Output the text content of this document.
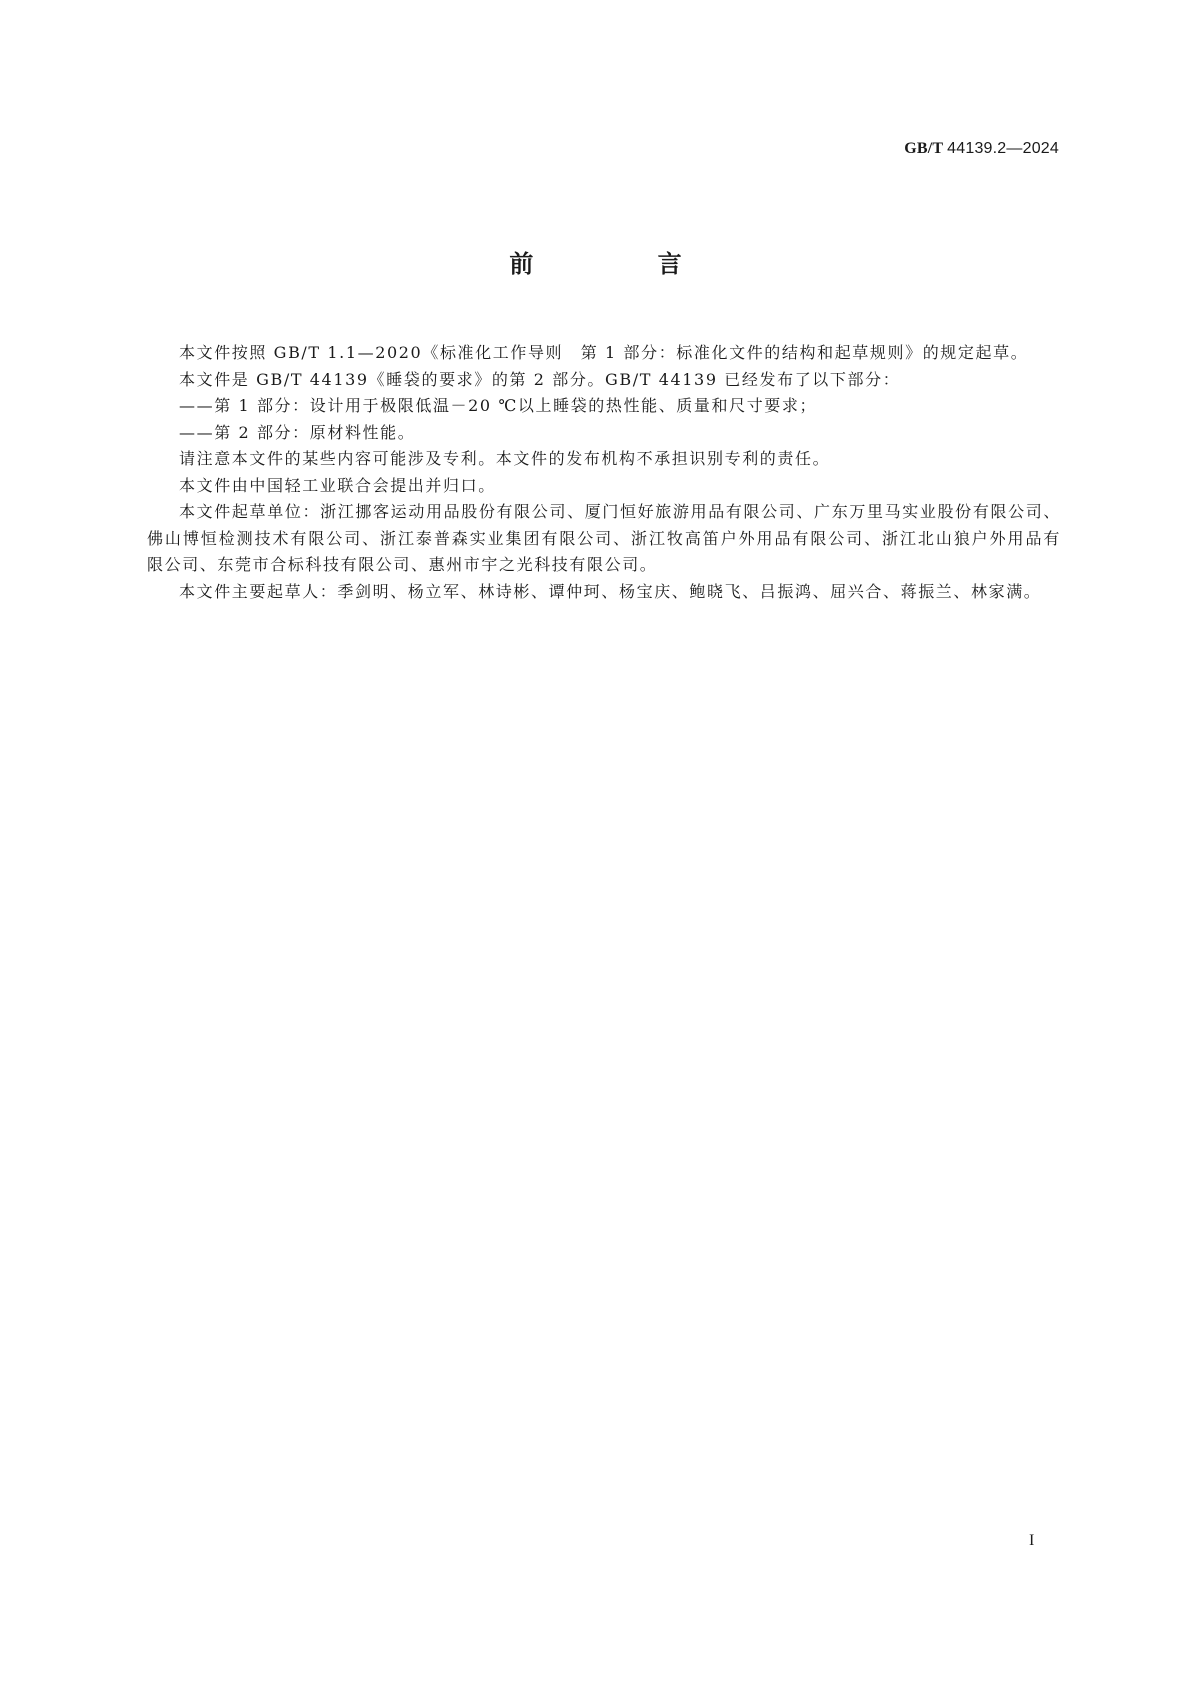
GB/T 44139.2—2024
前 言

本文件按照 GB/T 1.1—2020《标准化工作导则　第 1 部分：标准化文件的结构和起草规则》的规定起草。

本文件是 GB/T 44139《睡袋的要求》的第 2 部分。GB/T 44139 已经发布了以下部分：

——第 1 部分：设计用于极限低温－20 ℃以上睡袋的热性能、质量和尺寸要求；

——第 2 部分：原材料性能。

请注意本文件的某些内容可能涉及专利。本文件的发布机构不承担识别专利的责任。

本文件由中国轻工业联合会提出并归口。

本文件起草单位：浙江挪客运动用品股份有限公司、厦门恒好旅游用品有限公司、广东万里马实业股份有限公司、佛山博恒检测技术有限公司、浙江泰普森实业集团有限公司、浙江牧高笛户外用品有限公司、浙江北山狼户外用品有限公司、东莞市合标科技有限公司、惠州市宇之光科技有限公司。

本文件主要起草人：季剑明、杨立军、林诗彬、谭仲珂、杨宝庆、鲍晓飞、吕振鸿、屈兴合、蒋振兰、林家满。

I
